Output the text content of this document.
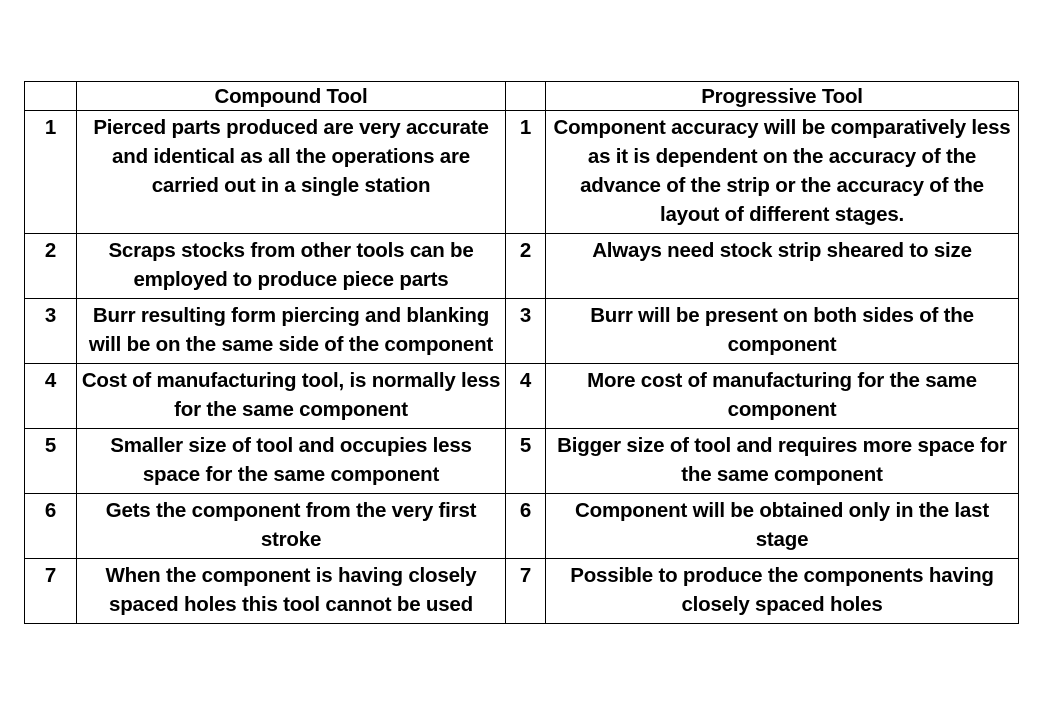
	Compound Tool		Progressive Tool
1	Pierced parts produced are very accurate and identical as all the operations are carried out in a single station	1	Component accuracy will be comparatively less as it is dependent on the accuracy of the advance of the strip or the accuracy of the layout of different stages.
2	Scraps stocks from other tools can be employed to produce piece parts	2	Always need stock strip sheared to size
3	Burr resulting form piercing and blanking will be on the same side of the component	3	Burr will be present on both sides of the component
4	Cost of manufacturing tool, is normally less for the same component	4	More cost of manufacturing for the same component
5	Smaller size of tool and occupies less space for the same component	5	Bigger size of tool and requires more space for the same component
6	Gets the component from the very first stroke	6	Component will be obtained only in the last stage
7	When the component is having closely spaced holes this tool cannot be used	7	Possible to produce the components having closely spaced holes
